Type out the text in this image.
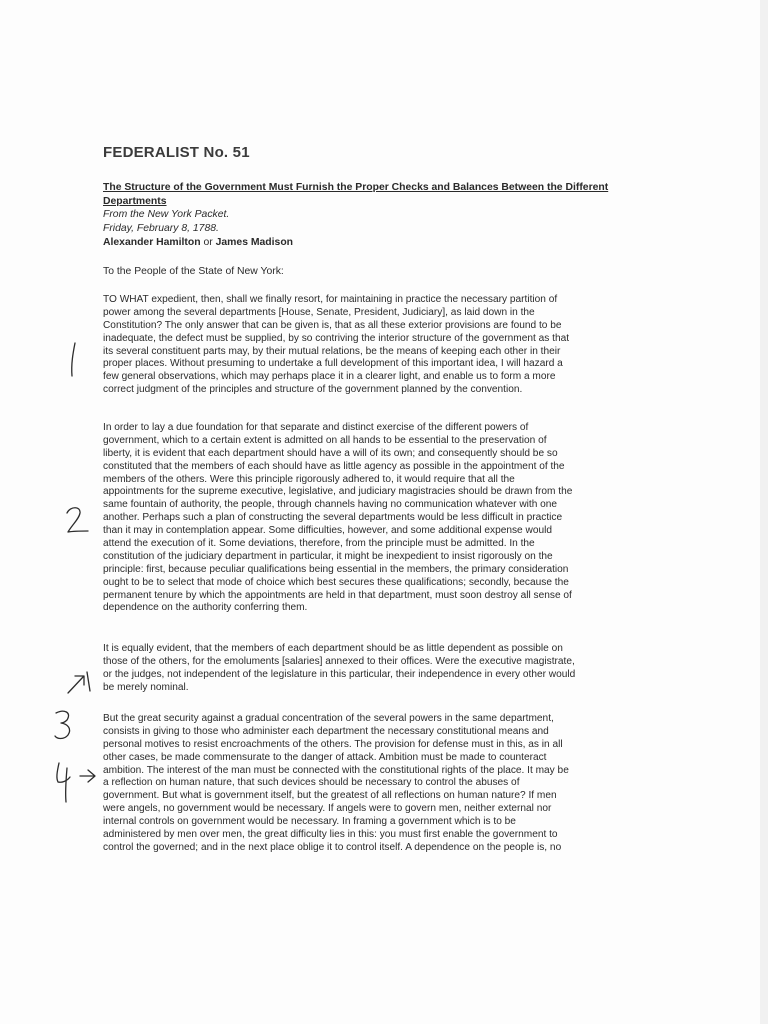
FEDERALIST No. 51
The Structure of the Government Must Furnish the Proper Checks and Balances Between the Different Departments
From the New York Packet.
Friday, February 8, 1788.
Alexander Hamilton or James Madison
To the People of the State of New York:
TO WHAT expedient, then, shall we finally resort, for maintaining in practice the necessary partition of
power among the several departments [House, Senate, President, Judiciary], as laid down in the
Constitution? The only answer that can be given is, that as all these exterior provisions are found to be
inadequate, the defect must be supplied, by so contriving the interior structure of the government as that
its several constituent parts may, by their mutual relations, be the means of keeping each other in their
proper places. Without presuming to undertake a full development of this important idea, I will hazard a
few general observations, which may perhaps place it in a clearer light, and enable us to form a more
correct judgment of the principles and structure of the government planned by the convention.
In order to lay a due foundation for that separate and distinct exercise of the different powers of
government, which to a certain extent is admitted on all hands to be essential to the preservation of
liberty, it is evident that each department should have a will of its own; and consequently should be so
constituted that the members of each should have as little agency as possible in the appointment of the
members of the others. Were this principle rigorously adhered to, it would require that all the
appointments for the supreme executive, legislative, and judiciary magistracies should be drawn from the
same fountain of authority, the people, through channels having no communication whatever with one
another. Perhaps such a plan of constructing the several departments would be less difficult in practice
than it may in contemplation appear. Some difficulties, however, and some additional expense would
attend the execution of it. Some deviations, therefore, from the principle must be admitted. In the
constitution of the judiciary department in particular, it might be inexpedient to insist rigorously on the
principle: first, because peculiar qualifications being essential in the members, the primary consideration
ought to be to select that mode of choice which best secures these qualifications; secondly, because the
permanent tenure by which the appointments are held in that department, must soon destroy all sense of
dependence on the authority conferring them.
It is equally evident, that the members of each department should be as little dependent as possible on
those of the others, for the emoluments [salaries] annexed to their offices. Were the executive magistrate,
or the judges, not independent of the legislature in this particular, their independence in every other would
be merely nominal.
But the great security against a gradual concentration of the several powers in the same department,
consists in giving to those who administer each department the necessary constitutional means and
personal motives to resist encroachments of the others. The provision for defense must in this, as in all
other cases, be made commensurate to the danger of attack. Ambition must be made to counteract
ambition. The interest of the man must be connected with the constitutional rights of the place. It may be
a reflection on human nature, that such devices should be necessary to control the abuses of
government. But what is government itself, but the greatest of all reflections on human nature? If men
were angels, no government would be necessary. If angels were to govern men, neither external nor
internal controls on government would be necessary. In framing a government which is to be
administered by men over men, the great difficulty lies in this: you must first enable the government to
control the governed; and in the next place oblige it to control itself. A dependence on the people is, no
